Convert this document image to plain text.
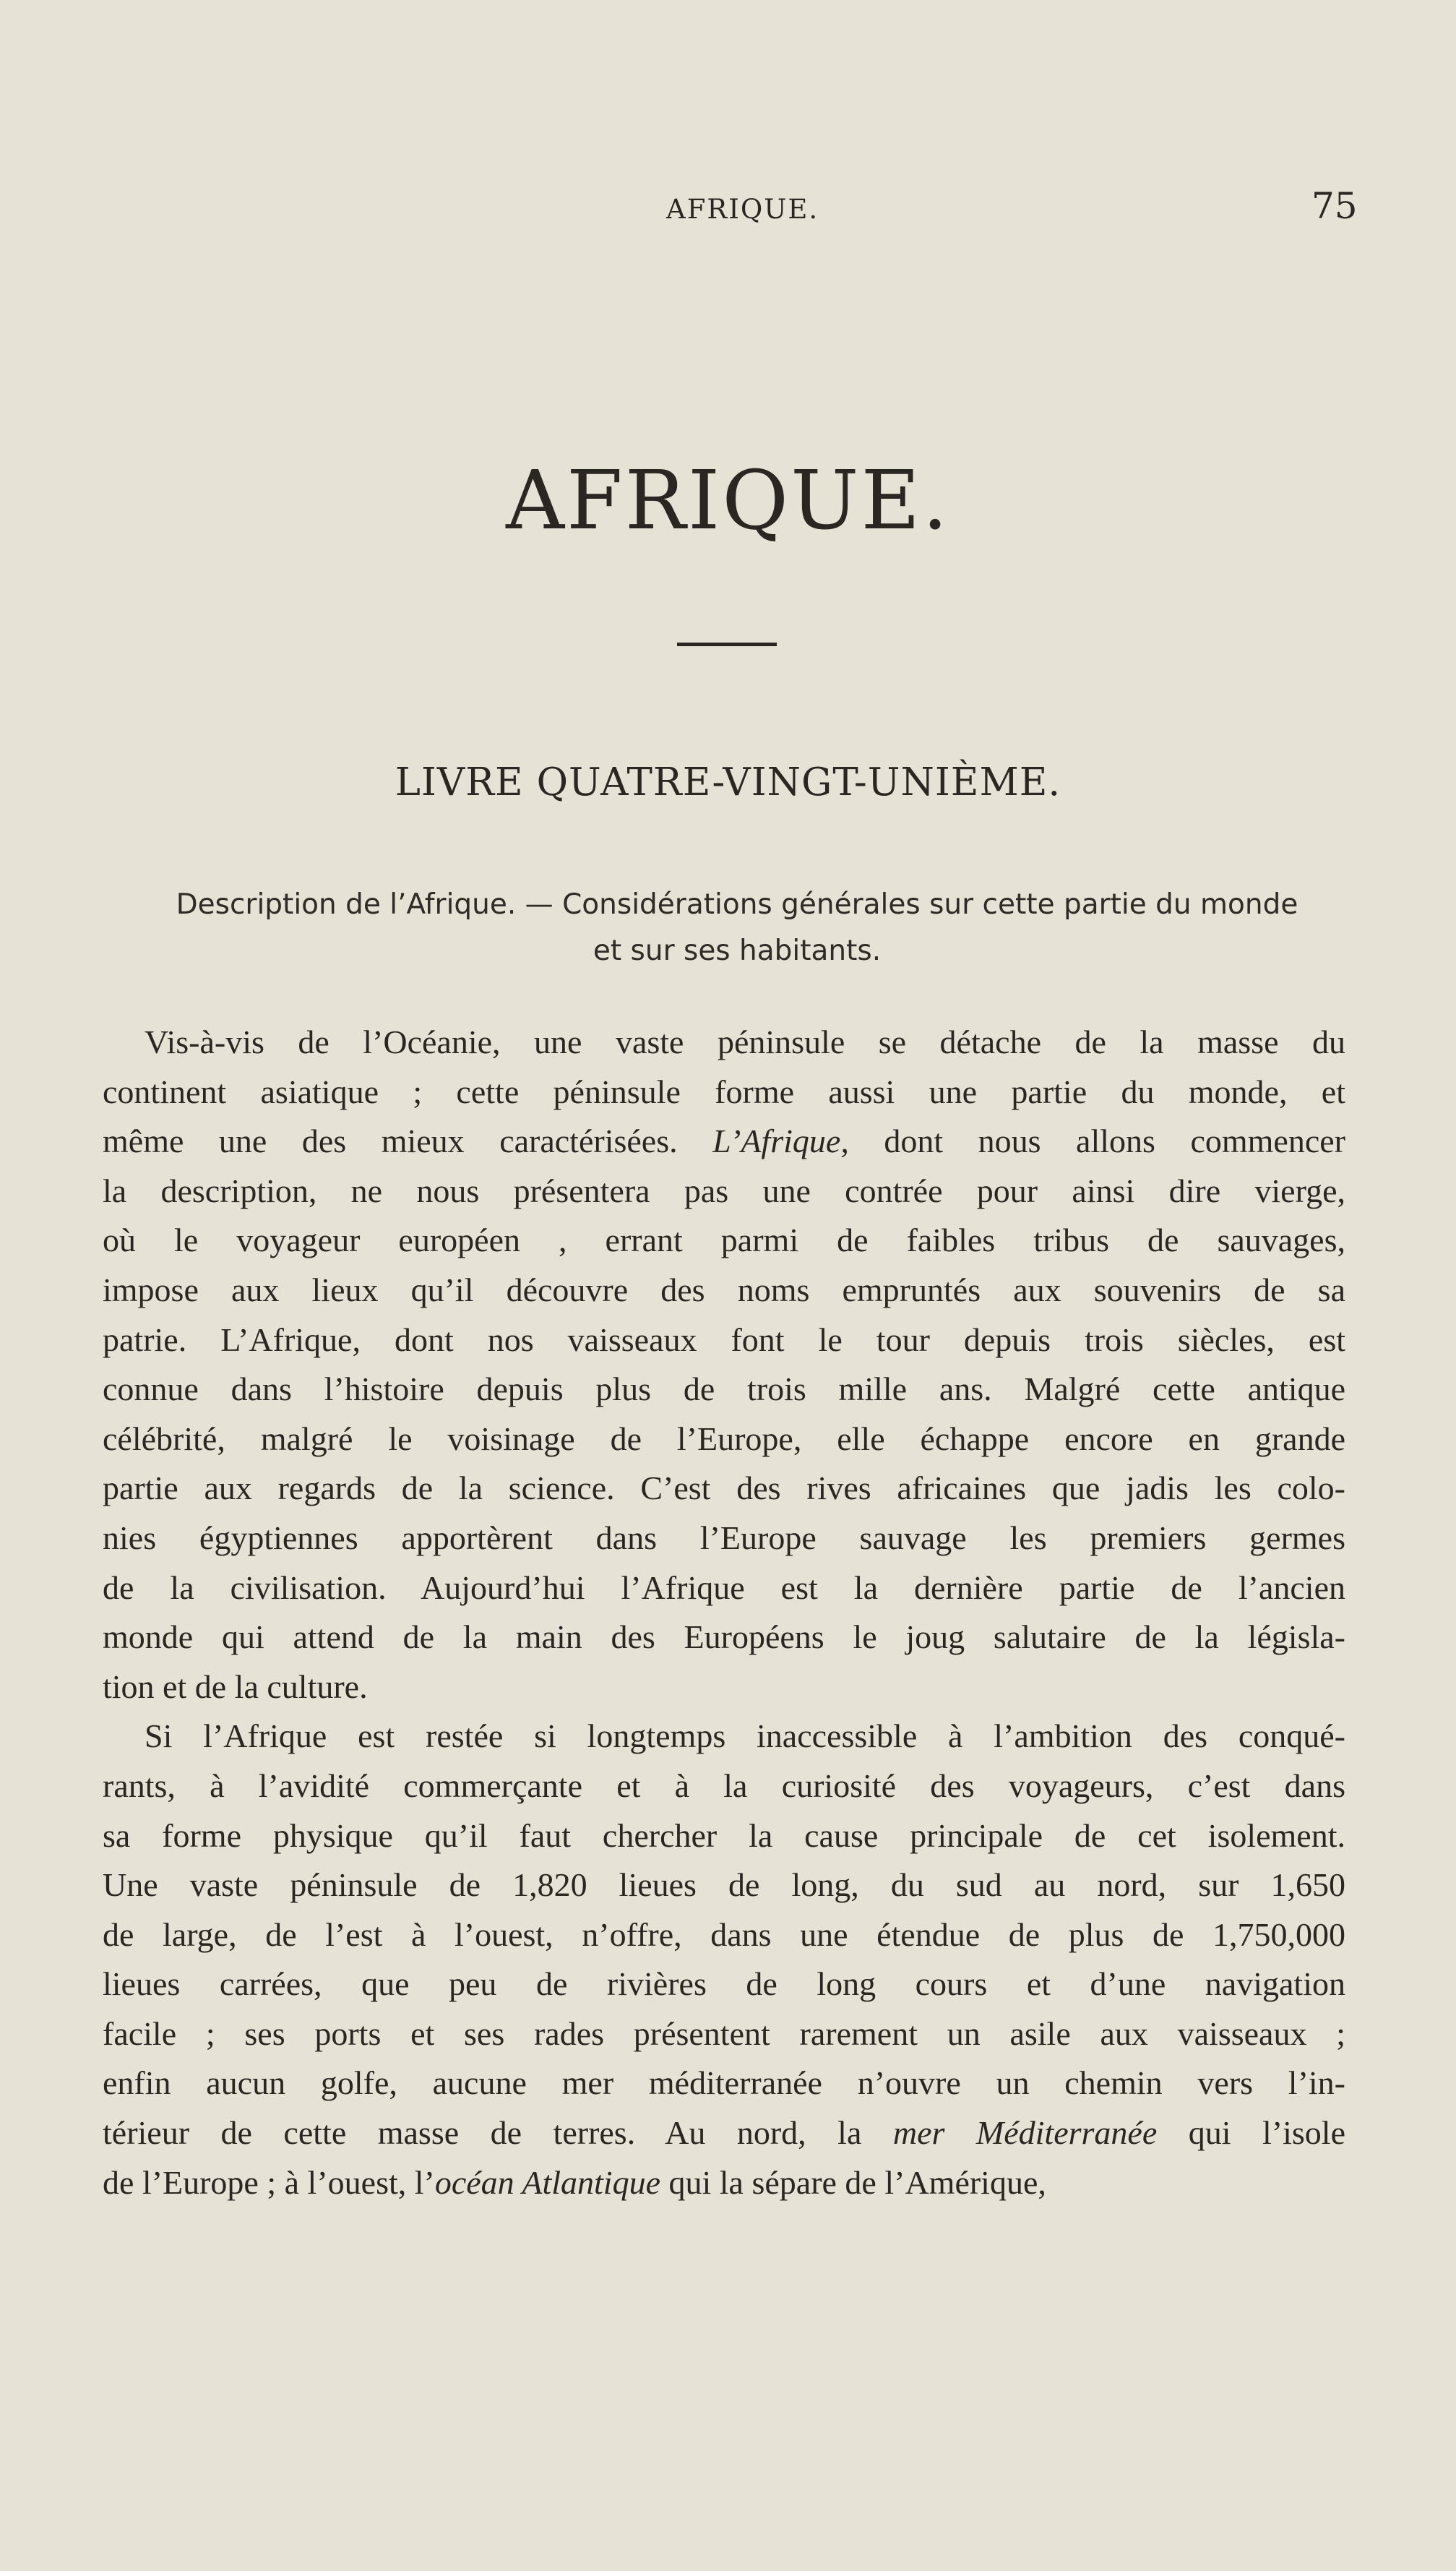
AFRIQUE.	75
AFRIQUE.
LIVRE QUATRE-VINGT-UNIÈME.
Description de l’Afrique. — Considérations générales sur cette partie du monde
et sur ses habitants.
Vis-à-vis de l’Océanie, une vaste péninsule se détache de la masse du
continent asiatique ; cette péninsule forme aussi une partie du monde, et
même une des mieux caractérisées. L’Afrique, dont nous allons commencer
la description, ne nous présentera pas une contrée pour ainsi dire vierge,
où le voyageur européen , errant parmi de faibles tribus de sauvages,
impose aux lieux qu’il découvre des noms empruntés aux souvenirs de sa
patrie. L’Afrique, dont nos vaisseaux font le tour depuis trois siècles, est
connue dans l’histoire depuis plus de trois mille ans. Malgré cette antique
célébrité, malgré le voisinage de l’Europe, elle échappe encore en grande
partie aux regards de la science. C’est des rives africaines que jadis les colo-
nies égyptiennes apportèrent dans l’Europe sauvage les premiers germes
de la civilisation. Aujourd’hui l’Afrique est la dernière partie de l’ancien
monde qui attend de la main des Européens le joug salutaire de la législa-
tion et de la culture.
Si l’Afrique est restée si longtemps inaccessible à l’ambition des conqué-
rants, à l’avidité commerçante et à la curiosité des voyageurs, c’est dans
sa forme physique qu’il faut chercher la cause principale de cet isolement.
Une vaste péninsule de 1,820 lieues de long, du sud au nord, sur 1,650
de large, de l’est à l’ouest, n’offre, dans une étendue de plus de 1,750,000
lieues carrées, que peu de rivières de long cours et d’une navigation
facile ; ses ports et ses rades présentent rarement un asile aux vaisseaux ;
enfin aucun golfe, aucune mer méditerranée n’ouvre un chemin vers l’in-
térieur de cette masse de terres. Au nord, la mer Méditerranée qui l’isole
de l’Europe ; à l’ouest, l’océan Atlantique qui la sépare de l’Amérique,
